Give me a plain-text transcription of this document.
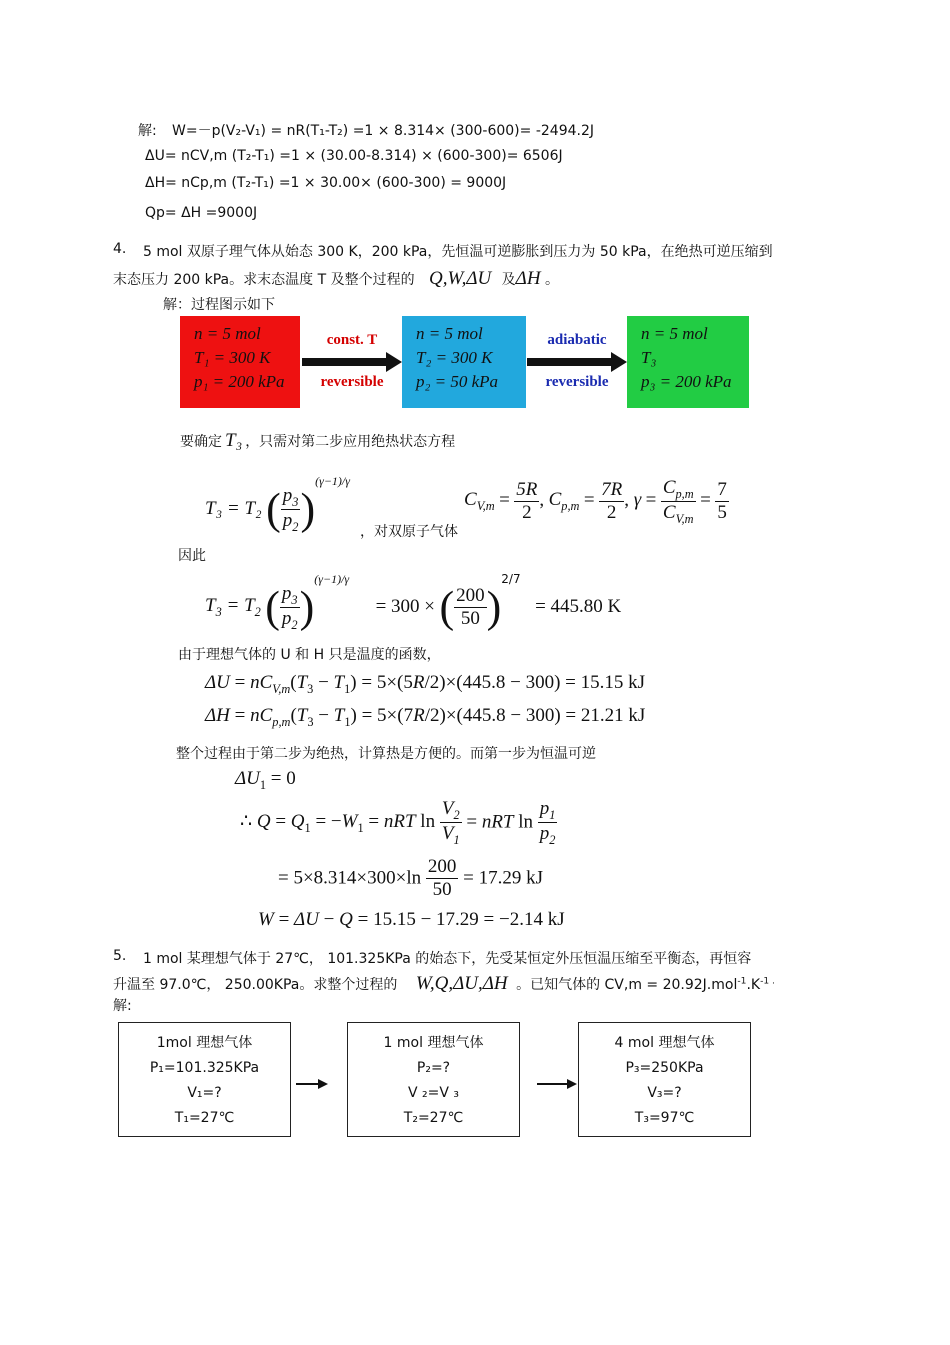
解: W=－p(V₂-V₁) = nR(T₁-T₂) =1 × 8.314× (300-600)= -2494.2J
ΔU= nCV,m (T₂-T₁) =1 × (30.00-8.314) × (600-300)= 6506J
ΔH= nCp,m (T₂-T₁) =1 × 30.00× (600-300) = 9000J
Qp= ΔH =9000J
4. 5 mol 双原子理气体从始态 300 K，200 kPa，先恒温可逆膨胀到压力为 50 kPa，在绝热可逆压缩到
末态压力 200 kPa。求末态温度 T 及整个过程的 Q,W,ΔU 及ΔH 。
解：过程图示如下
n = 5 mol
T₁ = 300 K
p₁ = 200 kPa
const. T
reversible
n = 5 mol
T₂ = 300 K
p₂ = 50 kPa
adiabatic
reversible
n = 5 mol
T₃
p₃ = 200 kPa
要确定 T₃ ，只需对第二步应用绝热状态方程
T₃ = T₂ ( $\frac{p_3}{p_2} )^{(\gamma-1)/\gamma}$
，对双原子气体
$C_{V,m} = \frac{5R}{2}$ , $C_{p,m} = \frac{7R}{2}$ , $\gamma = \frac{C_{p,m}}{C_{V,m}} = \frac{7}{5}$
因此
$T_3 = T_2$ ( $\frac{p_3}{p_2} )^{(\gamma-1)/\gamma} = 300$ × ( $\frac{200}{50} )^{2/7} = 445.80$ K
由于理想气体的 U 和 H 只是温度的函数，
$\Delta U = nC_{V,m}(T_3 - T_1) = 5\times(5R/2)\times(445.8 - 300) = 15.15$ kJ
$\Delta H = nC_{p,m}(T_3 - T_1) = 5\times(7R/2)\times(445.8 - 300) = 21.21$ kJ
整个过程由于第二步为绝热，计算热是方便的。而第一步为恒温可逆
$\Delta U_1 = 0$
∴ $Q = Q_1 = -W_1$ = nRT $\ln \frac{V_2}{V_1}$ = nRT $\ln \frac{p_1}{p_2}$
= $5\times 8.314\times 300\times\ln \frac{200}{50} = 17.29$ kJ
W = ΔU − Q = 15.15 − 17.29 = −2.14 kJ
5. 1 mol 某理想气体于 27℃， 101.325KPa 的始态下，先受某恒定外压恒温压缩至平衡态，再恒容
升温至 97.0℃， 250.00KPa。求整个过程的 W,Q,ΔU,ΔH 。已知气体的 $CV,m = 20.92J.mol^{-1}.K^{-1 .}$
解:
1mol 理想气体
P₁=101.325KPa
V₁=?
T₁=27℃
1 mol 理想气体
P₂=?
V ₂=V ₃
T₂=27℃
4 mol 理想气体
P₃=250KPa
V₃=?
T₃=97℃
